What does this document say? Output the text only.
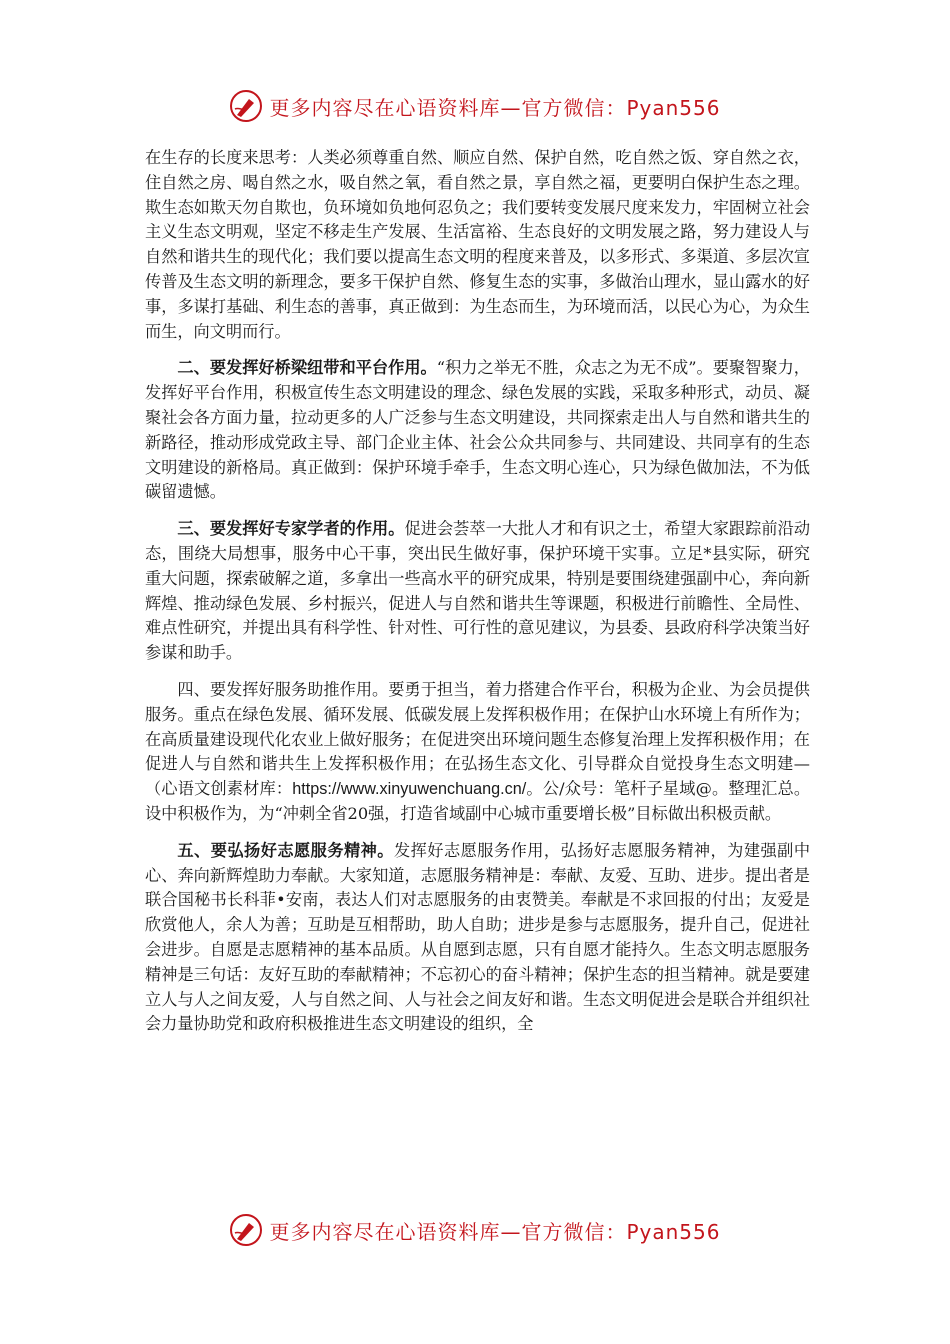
更多内容尽在心语资料库—官方微信：Pyan556

在生存的长度来思考：人类必须尊重自然、顺应自然、保护自然，吃自然之饭、穿自然之衣，住自然之房、喝自然之水，吸自然之氧，看自然之景，享自然之福，更要明白保护生态之理。欺生态如欺天勿自欺也，负环境如负地何忍负之；我们要转变发展尺度来发力，牢固树立社会主义生态文明观，坚定不移走生产发展、生活富裕、生态良好的文明发展之路，努力建设人与自然和谐共生的现代化；我们要以提高生态文明的程度来普及，以多形式、多渠道、多层次宣传普及生态文明的新理念，要多干保护自然、修复生态的实事，多做治山理水，显山露水的好事，多谋打基础、利生态的善事，真正做到：为生态而生，为环境而活，以民心为心，为众生而生，向文明而行。

二、要发挥好桥梁纽带和平台作用。“积力之举无不胜，众志之为无不成”。要聚智聚力，发挥好平台作用，积极宣传生态文明建设的理念、绿色发展的实践，采取多种形式，动员、凝聚社会各方面力量，拉动更多的人广泛参与生态文明建设，共同探索走出人与自然和谐共生的新路径，推动形成党政主导、部门企业主体、社会公众共同参与、共同建设、共同享有的生态文明建设的新格局。真正做到：保护环境手牵手，生态文明心连心，只为绿色做加法，不为低碳留遗憾。

三、要发挥好专家学者的作用。促进会荟萃一大批人才和有识之士，希望大家跟踪前沿动态，围绕大局想事，服务中心干事，突出民生做好事，保护环境干实事。立足*县实际，研究重大问题，探索破解之道，多拿出一些高水平的研究成果，特别是要围绕建强副中心，奔向新辉煌、推动绿色发展、乡村振兴，促进人与自然和谐共生等课题，积极进行前瞻性、全局性、难点性研究，并提出具有科学性、针对性、可行性的意见建议，为县委、县政府科学决策当好参谋和助手。

四、要发挥好服务助推作用。要勇于担当，着力搭建合作平台，积极为企业、为会员提供服务。重点在绿色发展、循环发展、低碳发展上发挥积极作用；在保护山水环境上有所作为；在高质量建设现代化农业上做好服务；在促进突出环境问题生态修复治理上发挥积极作用；在促进人与自然和谐共生上发挥积极作用；在弘扬生态文化、引导群众自觉投身生态文明建—（心语文创素材库：https://www.xinyuwenchuang.cn/。公/众号：笔杆子星域@。整理汇总。设中积极作为，为“冲刺全省20强，打造省域副中心城市重要增长极”目标做出积极贡献。

五、要弘扬好志愿服务精神。发挥好志愿服务作用，弘扬好志愿服务精神，为建强副中心、奔向新辉煌助力奉献。大家知道，志愿服务精神是：奉献、友爱、互助、进步。提出者是联合国秘书长科菲•安南，表达人们对志愿服务的由衷赞美。奉献是不求回报的付出；友爱是欣赏他人，余人为善；互助是互相帮助，助人自助；进步是参与志愿服务，提升自己，促进社会进步。自愿是志愿精神的基本品质。从自愿到志愿，只有自愿才能持久。生态文明志愿服务精神是三句话：友好互助的奉献精神；不忘初心的奋斗精神；保护生态的担当精神。就是要建立人与人之间友爱，人与自然之间、人与社会之间友好和谐。生态文明促进会是联合并组织社会力量协助党和政府积极推进生态文明建设的组织，全

更多内容尽在心语资料库—官方微信：Pyan556
